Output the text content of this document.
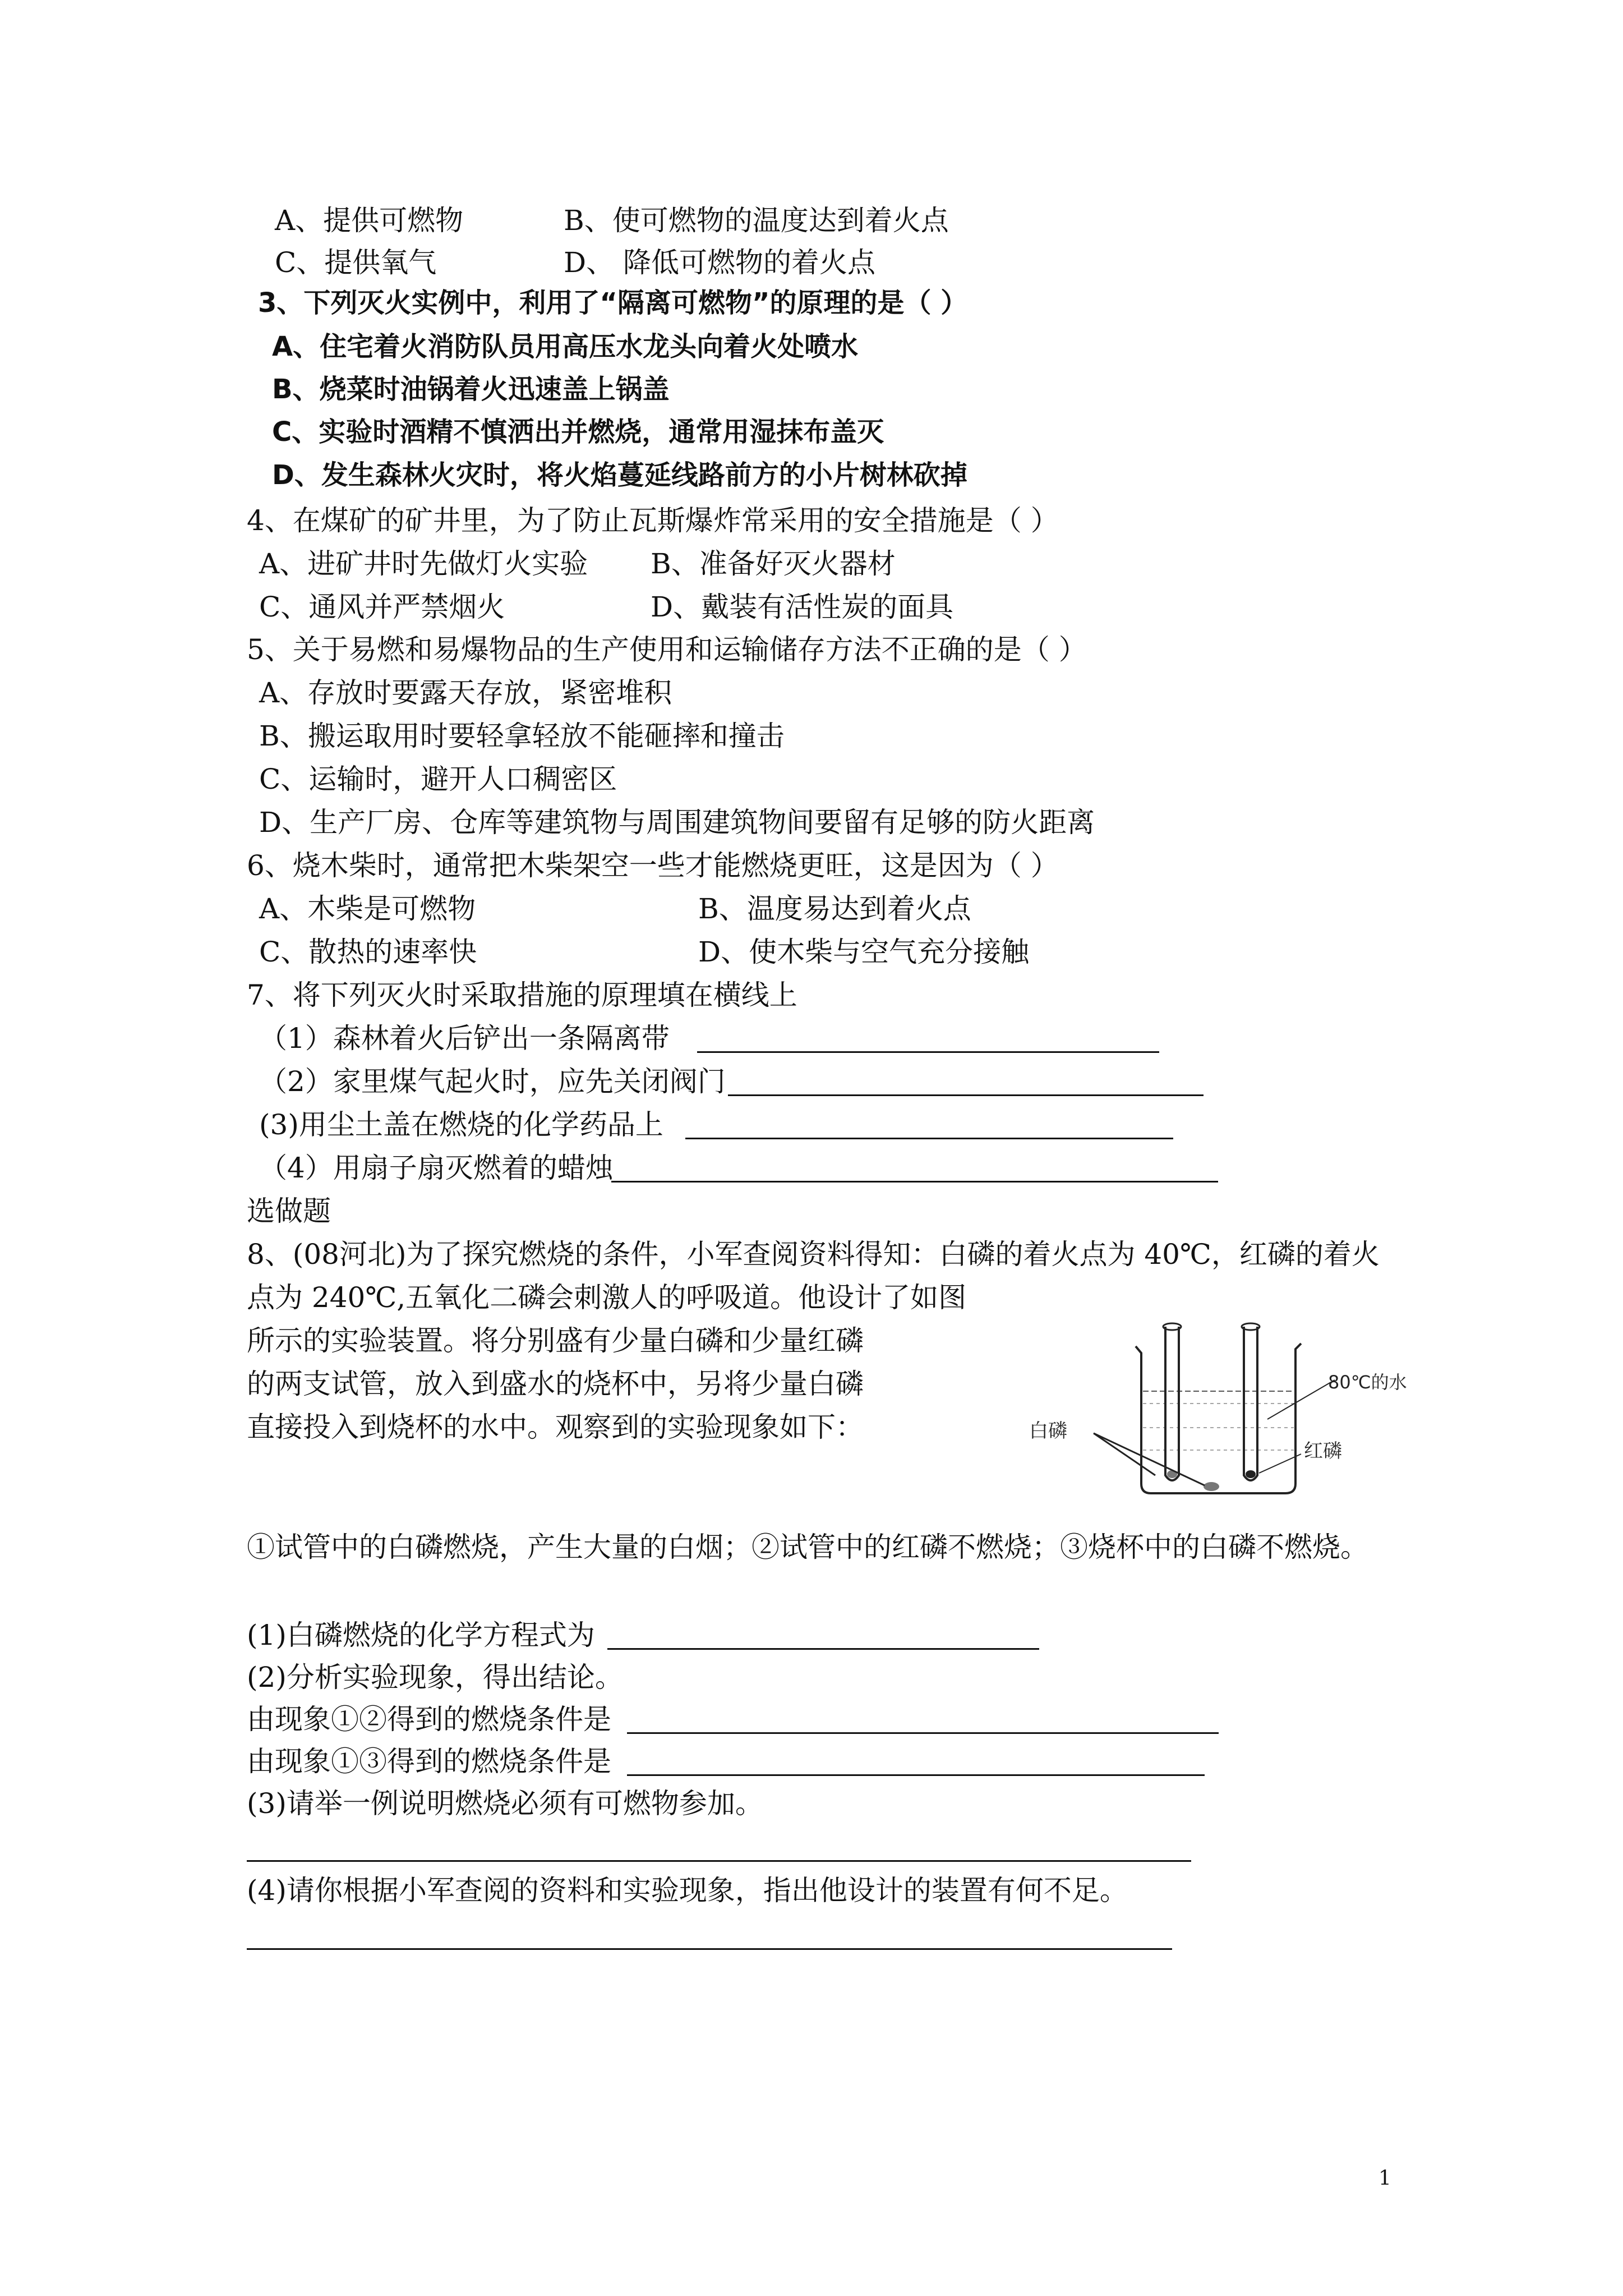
A、提供可燃物	B、使可燃物的温度达到着火点
C、提供氧气	D、 降低可燃物的着火点
3、下列灭火实例中，利用了“隔离可燃物”的原理的是（ ）
A、住宅着火消防队员用高压水龙头向着火处喷水
B、烧菜时油锅着火迅速盖上锅盖
C、实验时酒精不慎洒出并燃烧，通常用湿抹布盖灭
D、发生森林火灾时，将火焰蔓延线路前方的小片树林砍掉
4、在煤矿的矿井里，为了防止瓦斯爆炸常采用的安全措施是（ ）
A、进矿井时先做灯火实验 B、准备好灭火器材
C、通风并严禁烟火	D、戴装有活性炭的面具
5、关于易燃和易爆物品的生产使用和运输储存方法不正确的是（ ）
A、存放时要露天存放，紧密堆积
B、搬运取用时要轻拿轻放不能砸摔和撞击
C、运输时，避开人口稠密区
D、生产厂房、仓库等建筑物与周围建筑物间要留有足够的防火距离
6、烧木柴时，通常把木柴架空一些才能燃烧更旺，这是因为（ ）
A、木柴是可燃物	B、温度易达到着火点
C、散热的速率快	D、使木柴与空气充分接触
7、将下列灭火时采取措施的原理填在横线上
（1）森林着火后铲出一条隔离带
（2）家里煤气起火时，应先关闭阀门
(3)用尘土盖在燃烧的化学药品上
（4）用扇子扇灭燃着的蜡烛
选做题
8、(08河北)为了探究燃烧的条件，小军查阅资料得知：白磷的着火点为 40℃，红磷的着火
点为 240℃,五氧化二磷会刺激人的呼吸道。他设计了如图
所示的实验装置。将分别盛有少量白磷和少量红磷
的两支试管，放入到盛水的烧杯中，另将少量白磷
直接投入到烧杯的水中。观察到的实验现象如下：	白磷
80℃的水
红磷
①试管中的白磷燃烧，产生大量的白烟；②试管中的红磷不燃烧；③烧杯中的白磷不燃烧。
(1)白磷燃烧的化学方程式为
(2)分析实验现象，得出结论。
由现象①②得到的燃烧条件是
由现象①③得到的燃烧条件是
(3)请举一例说明燃烧必须有可燃物参加。
(4)请你根据小军查阅的资料和实验现象，指出他设计的装置有何不足。
1
